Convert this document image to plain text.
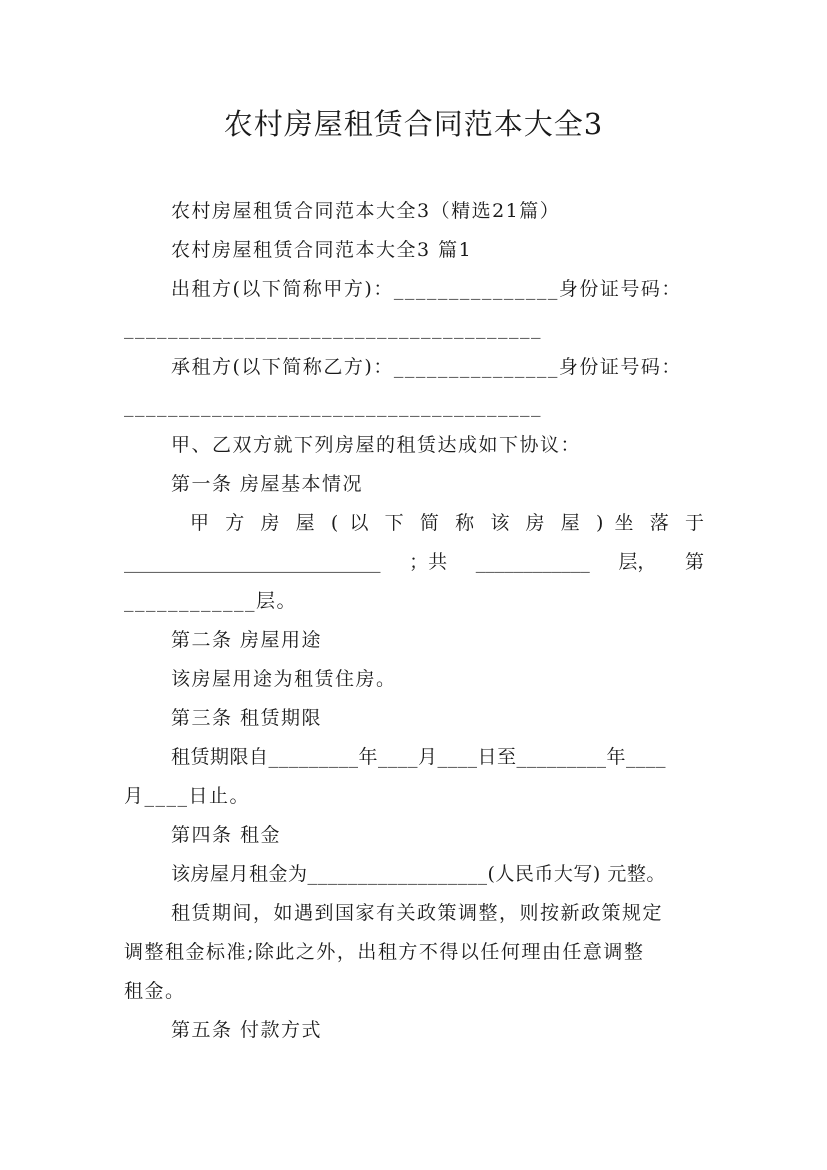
农村房屋租赁合同范本大全3
农村房屋租赁合同范本大全3（精选21篇）
农村房屋租赁合同范本大全3 篇1
出租方(以下简称甲方)：_______________身份证号码：
______________________________________
承租方(以下简称乙方)：_______________身份证号码：
______________________________________
甲、乙双方就下列房屋的租赁达成如下协议：
第一条 房屋基本情况
甲 方 房 屋 ( 以 下 简 称 该 房 屋 ) 坐 落 于
___________________________ ；共 ____________ 层， 第
____________层。
第二条 房屋用途
该房屋用途为租赁住房。
第三条 租赁期限
租赁期限自_________年____月____日至_________年____
月____日止。
第四条 租金
该房屋月租金为__________________(人民币大写) 元整。
租赁期间，如遇到国家有关政策调整，则按新政策规定
调整租金标准;除此之外，出租方不得以任何理由任意调整
租金。
第五条 付款方式
